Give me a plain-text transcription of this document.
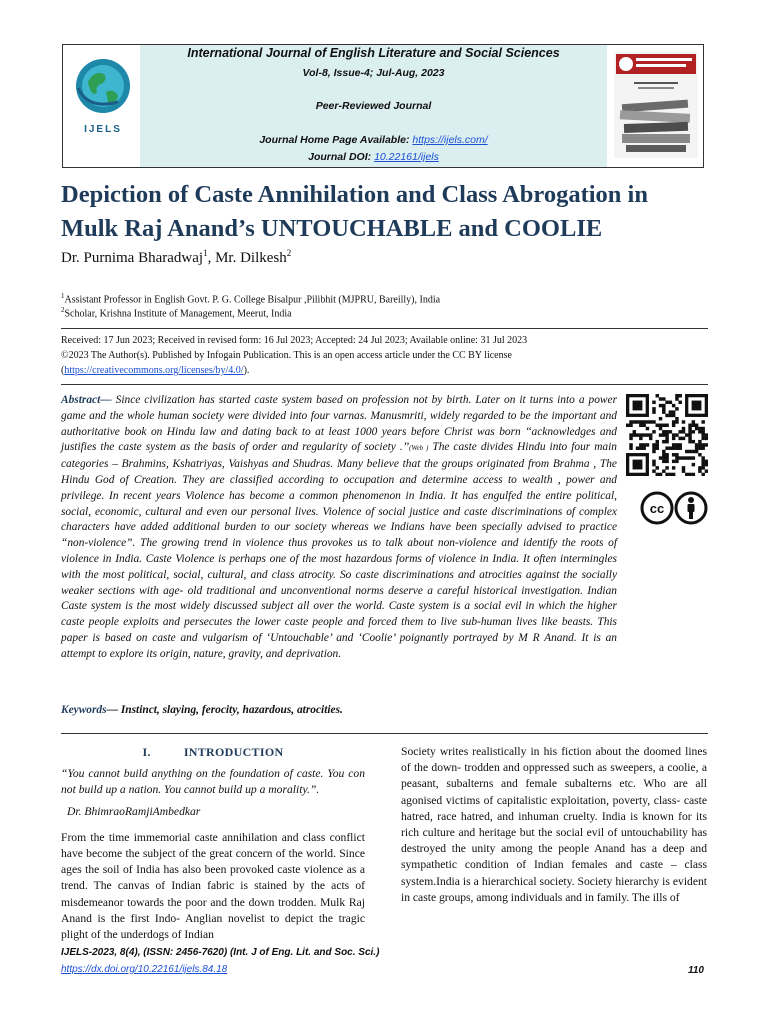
IJELS
International Journal of English Literature and Social Sciences
Vol-8, Issue-4; Jul-Aug, 2023
Peer-Reviewed Journal
Journal Home Page Available: https://ijels.com/
Journal DOI: 10.22161/ijels
Depiction of Caste Annihilation and Class Abrogation in
Mulk Raj Anand’s UNTOUCHABLE and COOLIE
Dr. Purnima Bharadwaj$^1$, Mr. Dilkesh$^2$
$^1$Assistant Professor in English Govt. P. G. College Bisalpur ,Pilibhit (MJPRU, Bareilly), India
$^2$Scholar, Krishna Institute of Management, Meerut, India
Received: 17 Jun 2023; Received in revised form: 16 Jul 2023; Accepted: 24 Jul 2023; Available online: 31 Jul 2023
©2023 The Author(s). Published by Infogain Publication. This is an open access article under the CC BY license
(https://creativecommons.org/licenses/by/4.0/).
Abstract— Since civilization has started caste system based on profession not by birth. Later on it turns into a power game and the whole human society were divided into four varnas. Manusmriti, widely regarded to be the important and authoritative book on Hindu law and dating back to at least 1000 years before Christ was born ‘‘acknowledges and justifies the caste system as the basis of order and regularity of society .’’(Web ) The caste divides Hindu into four main categories – Brahmins, Kshatriyas, Vaishyas and Shudras. Many believe that the groups originated from Brahma , The Hindu God of Creation. They are classified according to occupation and determine access to wealth , power and privilege. In recent years Violence has become a common phenomenon in India. It has engulfed the entire political, social, economic, cultural and even our personal lives. Violence of social justice and caste discriminations of complex characters have added additional burden to our society whereas we Indians have been specially advised to practice “non-violence”. The growing trend in violence thus provokes us to talk about non-violence and identify the roots of violence in India. Caste Violence is perhaps one of the most hazardous forms of violence in India. It often intermingles with the most political, social, cultural, and class atrocity. So caste discriminations and atrocities against the socially weaker sections with age- old traditional and unconventional norms deserve a careful historical investigation. Indian Caste system is the most widely discussed subject all over the world. Caste system is a social evil in which the higher caste people exploits and persecutes the lower caste people and forced them to live sub-human lives like beasts. This paper is based on caste and vulgarism of ‘Untouchable’ and ‘Coolie’ poignantly portrayed by M R Anand. It is an attempt to explore its origin, nature, gravity, and deprivation.
cc
Keywords— Instinct, slaying, ferocity, hazardous, atrocities.
I.          INTRODUCTION
“You cannot build anything on the foundation of caste. You con not build up a nation. You cannot build up a morality.”.
Dr. BhimraoRamjiAmbedkar
From the time immemorial caste annihilation and class conflict have become the subject of the great concern of the world. Since ages the soil of India has also been provoked caste violence as a trend. The canvas of Indian fabric is stained by the acts of misdemeanor towards the poor and the down trodden. Mulk Raj Anand is the first Indo- Anglian novelist to depict the tragic plight of the underdogs of Indian
Society writes realistically in his fiction about the doomed lines of the down- trodden and oppressed such as sweepers, a coolie, a peasant, subalterns and female subalterns etc. Who are all agonised victims of capitalistic exploitation, poverty, class- caste hatred, race hatred, and inhuman cruelty. India is known for its rich culture and heritage but the social evil of untouchability has destroyed the unity among the people Anand has a deep and sympathetic condition of Indian females and caste – class system.India is a hierarchical society. Society hierarchy is evident in caste groups, among individuals and in family. The ills of
IJELS-2023, 8(4), (ISSN: 2456-7620) (Int. J of Eng. Lit. and Soc. Sci.)
https://dx.doi.org/10.22161/ijels.84.18	110
